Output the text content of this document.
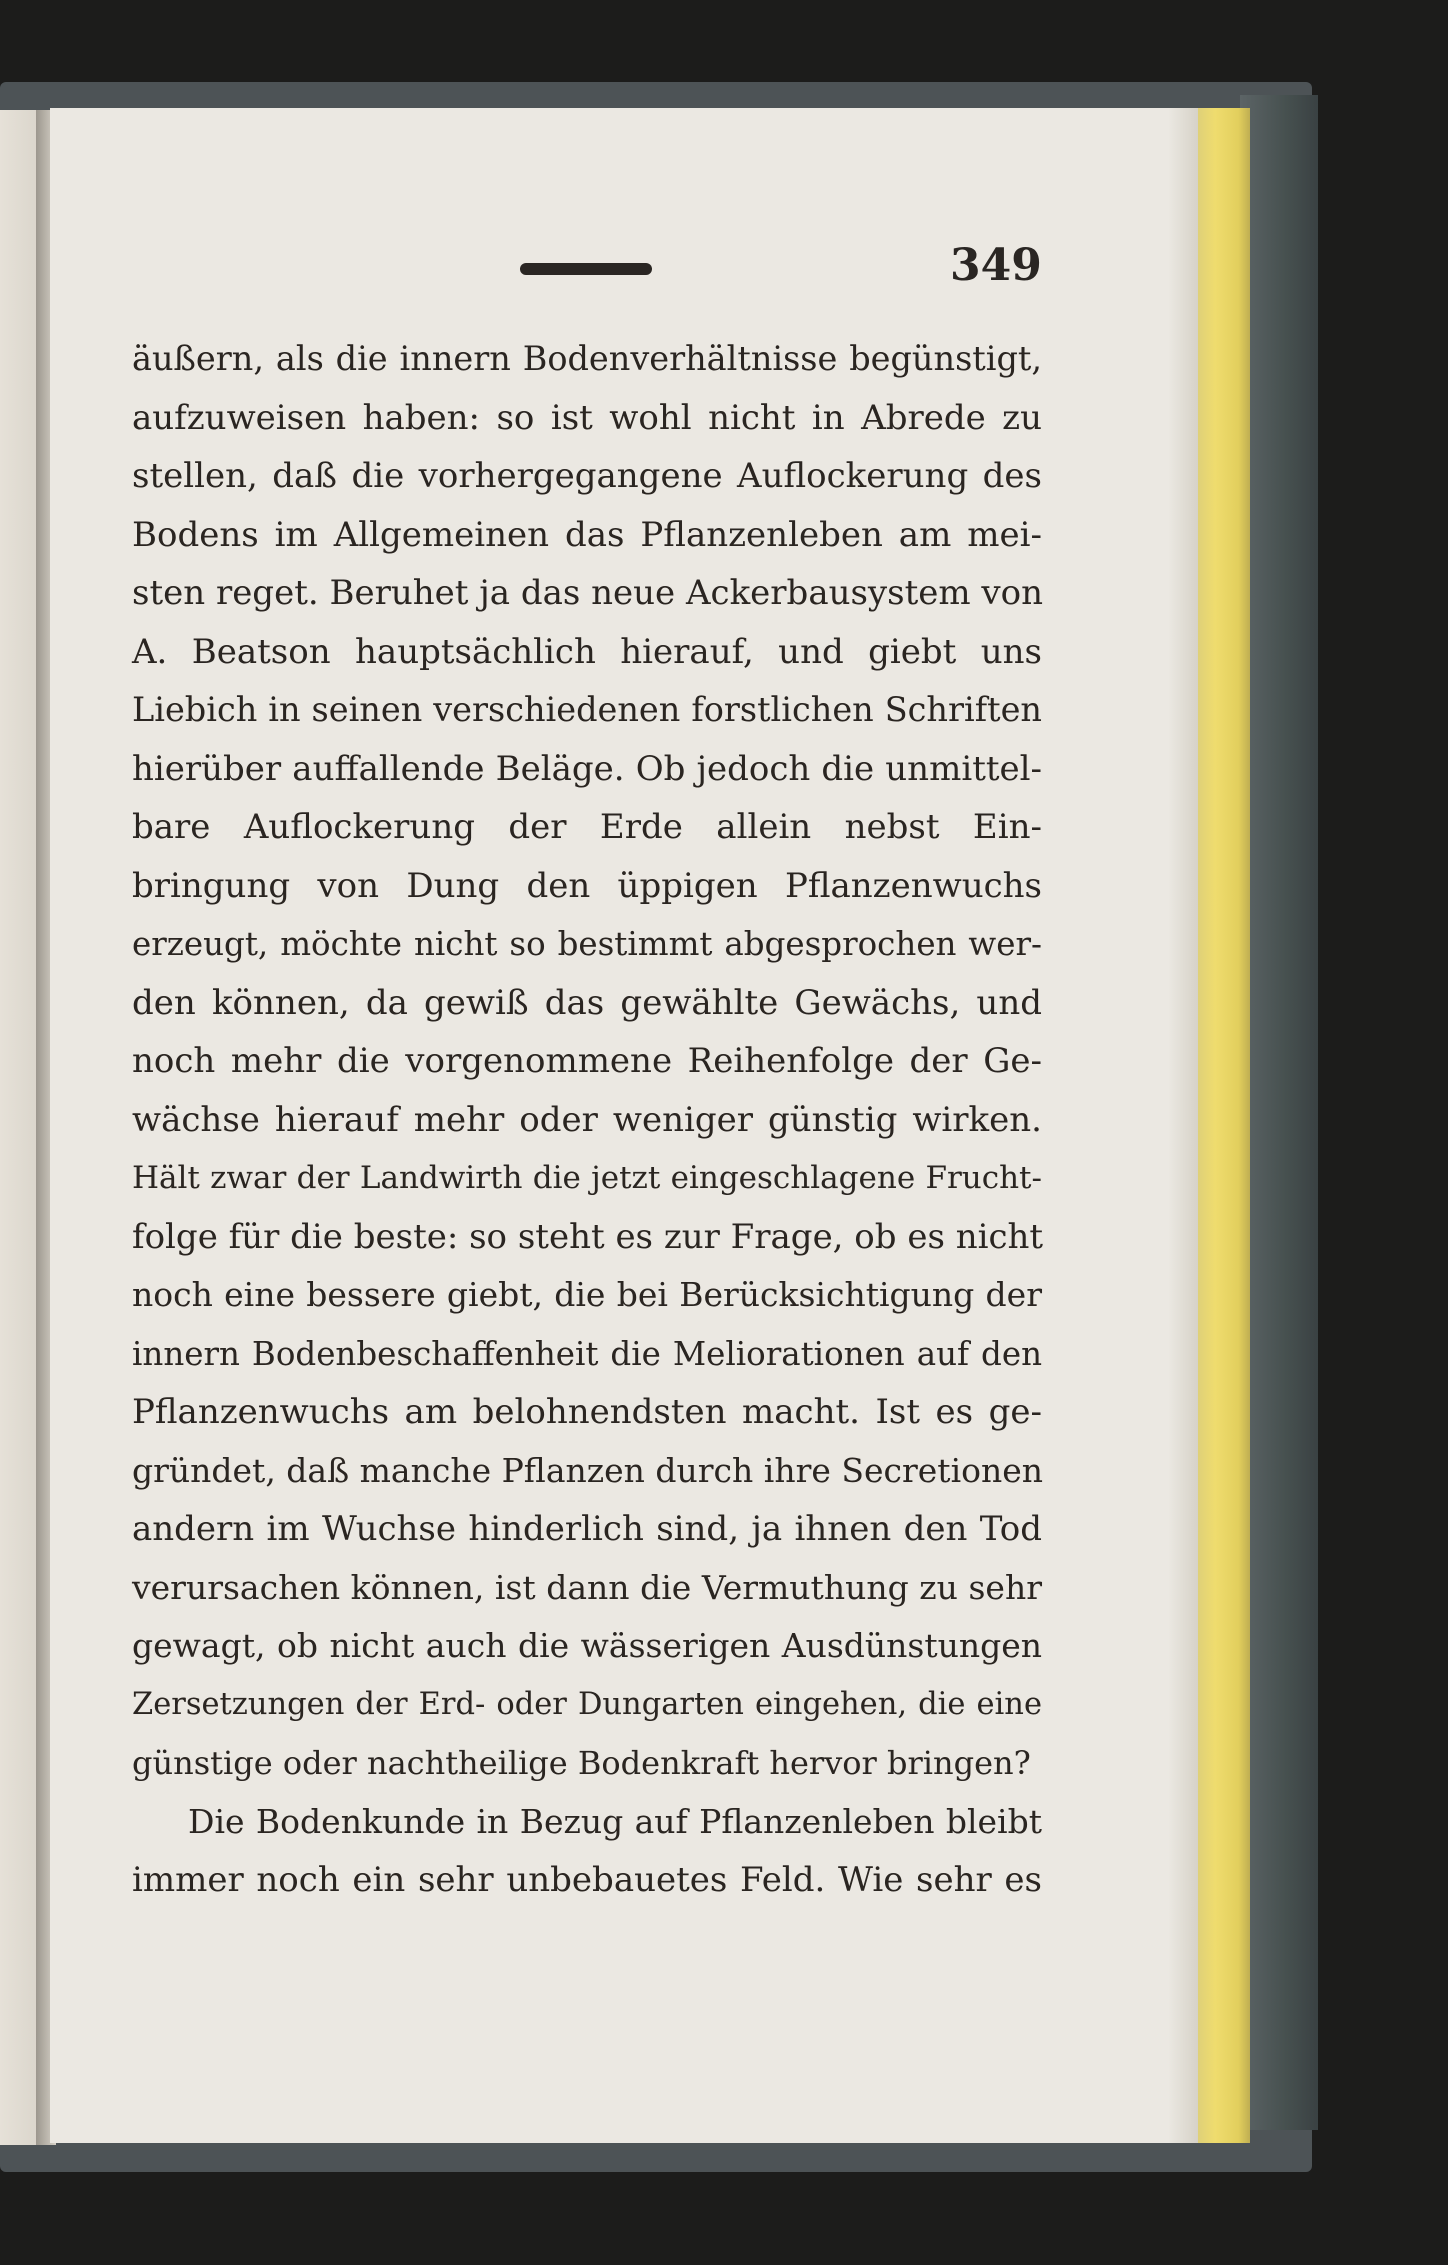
349
äußern, als die innern Bodenverhältnisse begünstigt,
aufzuweisen haben: so ist wohl nicht in Abrede zu
stellen, daß die vorhergegangene Auflockerung des
Bodens im Allgemeinen das Pflanzenleben am mei-
sten reget. Beruhet ja das neue Ackerbausystem von
A. Beatson hauptsächlich hierauf, und giebt uns
Liebich in seinen verschiedenen forstlichen Schriften
hierüber auffallende Beläge. Ob jedoch die unmittel-
bare Auflockerung der Erde allein nebst Ein-
bringung von Dung den üppigen Pflanzenwuchs
erzeugt, möchte nicht so bestimmt abgesprochen wer-
den können, da gewiß das gewählte Gewächs, und
noch mehr die vorgenommene Reihenfolge der Ge-
wächse hierauf mehr oder weniger günstig wirken.
Hält zwar der Landwirth die jetzt eingeschlagene Frucht-
folge für die beste: so steht es zur Frage, ob es nicht
noch eine bessere giebt, die bei Berücksichtigung der
innern Bodenbeschaffenheit die Meliorationen auf den
Pflanzenwuchs am belohnendsten macht. Ist es ge-
gründet, daß manche Pflanzen durch ihre Secretionen
andern im Wuchse hinderlich sind, ja ihnen den Tod
verursachen können, ist dann die Vermuthung zu sehr
gewagt, ob nicht auch die wässerigen Ausdünstungen
Zersetzungen der Erd- oder Dungarten eingehen, die eine
günstige oder nachtheilige Bodenkraft hervor bringen?
Die Bodenkunde in Bezug auf Pflanzenleben bleibt
immer noch ein sehr unbebauetes Feld. Wie sehr es
